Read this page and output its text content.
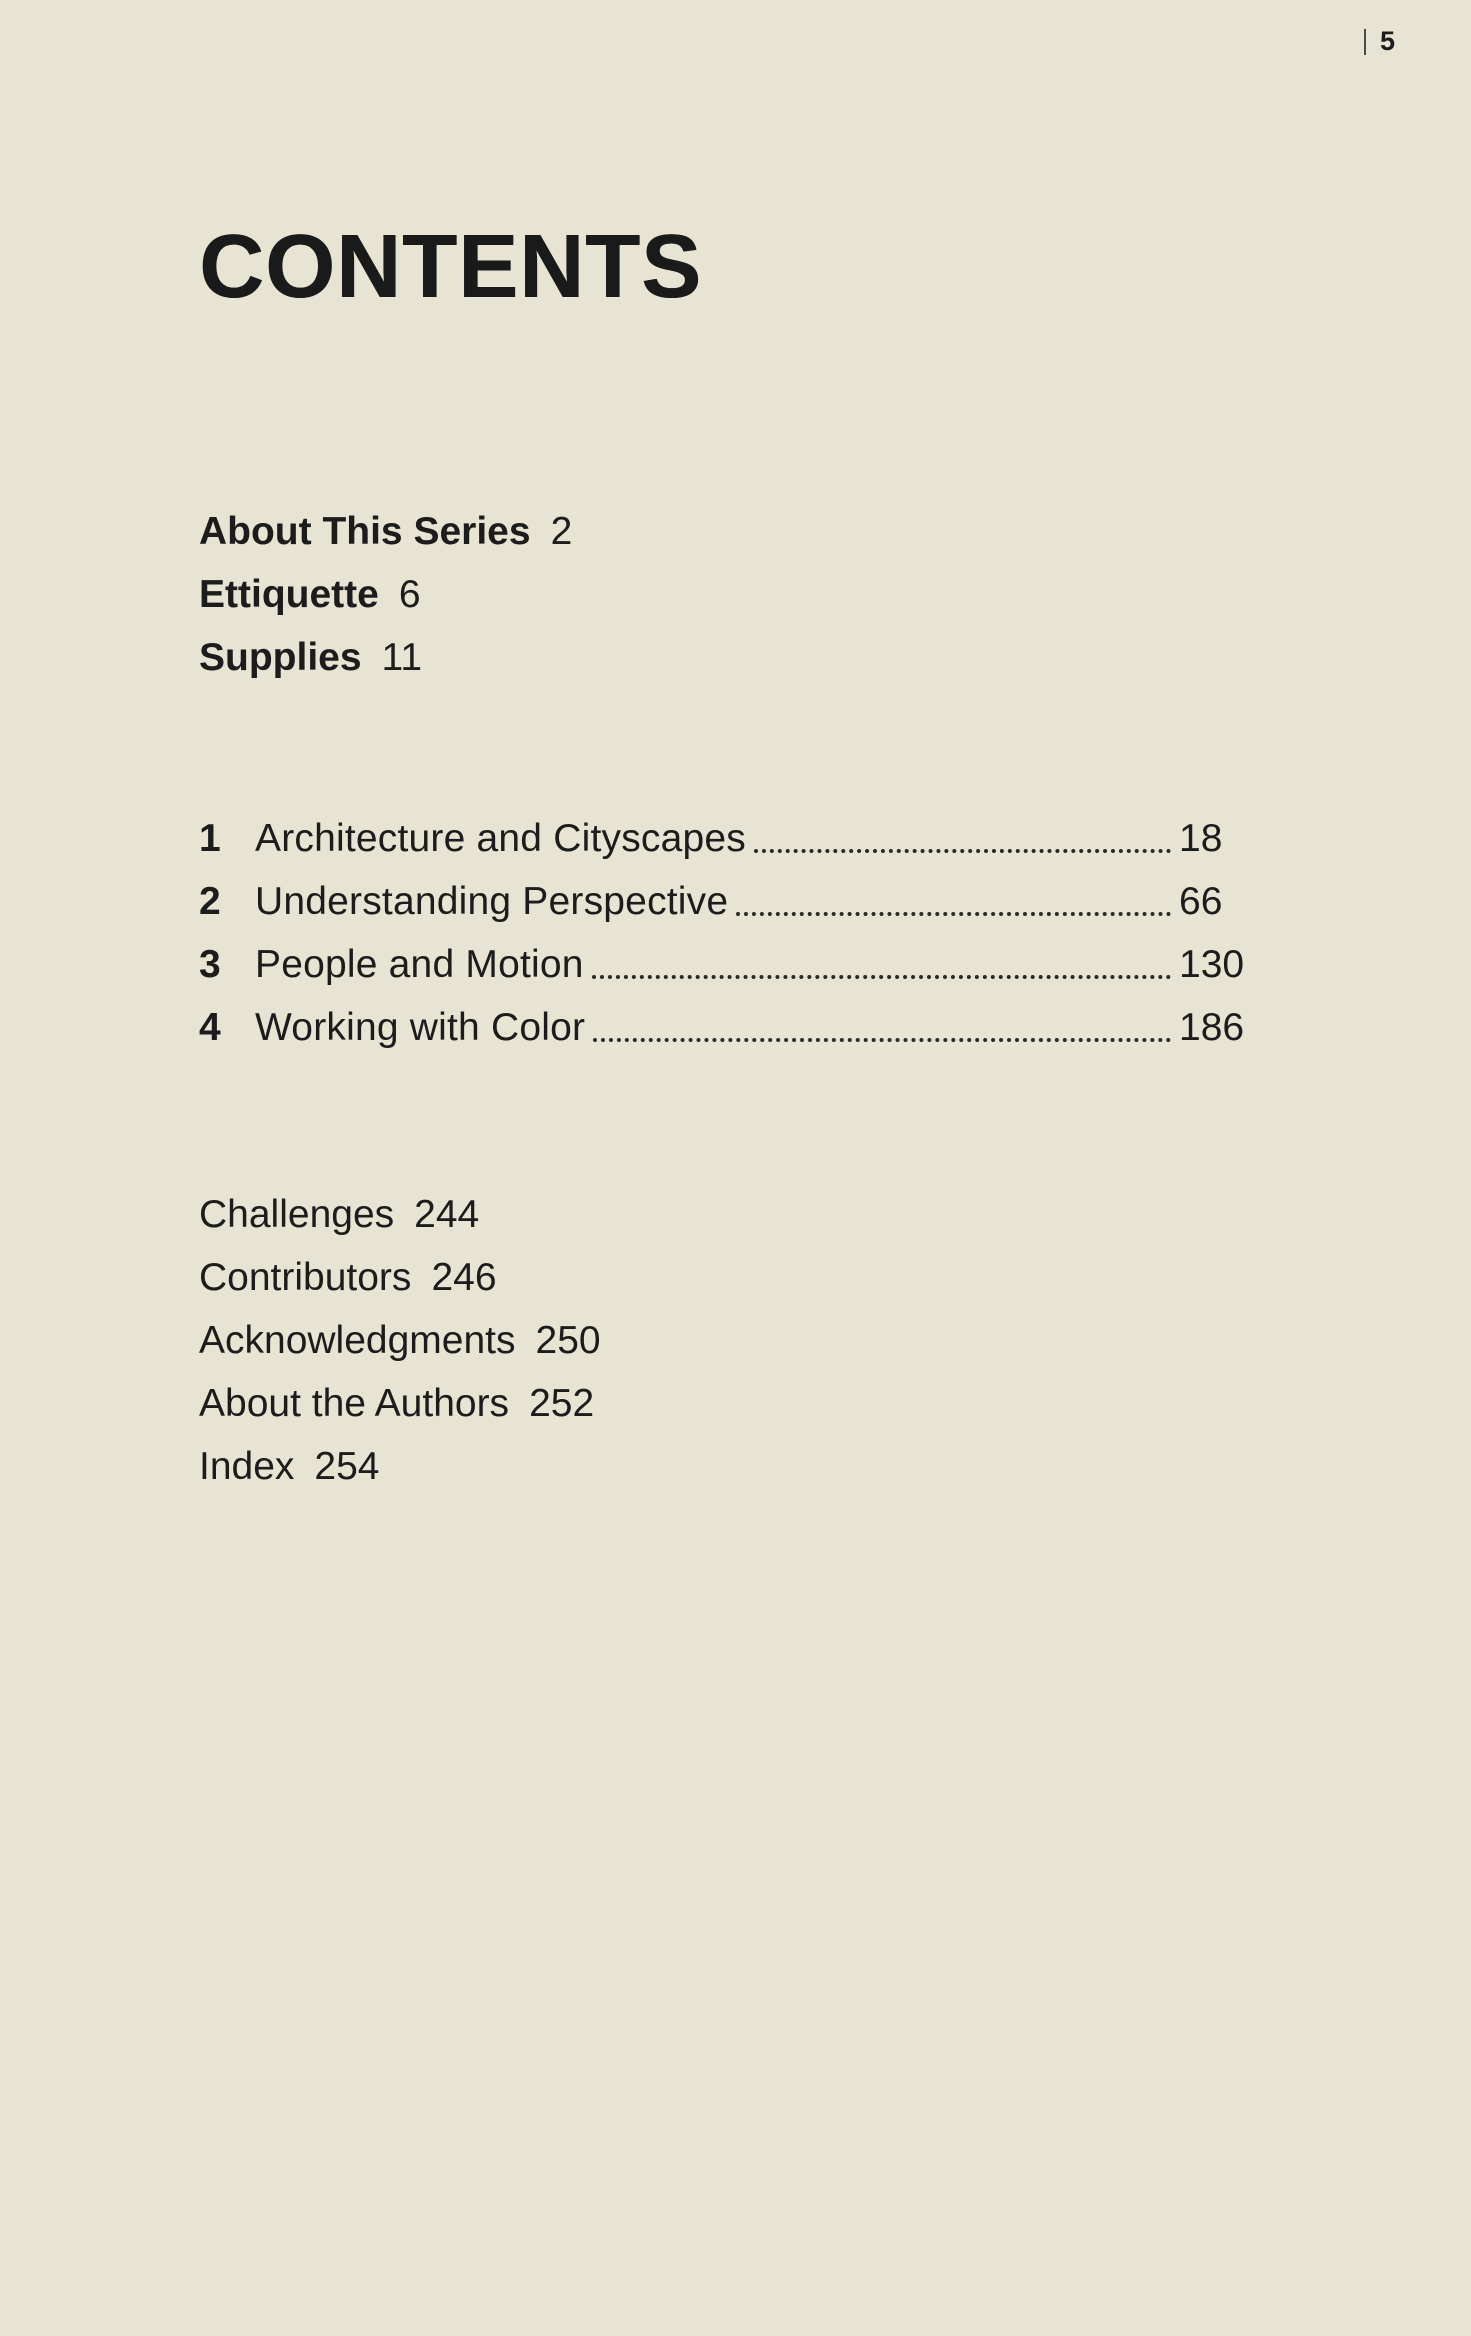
5
CONTENTS
About This Series 2
Ettiquette 6
Supplies 11
1 Architecture and Cityscapes	18
2 Understanding Perspective	66
3 People and Motion	130
4 Working with Color	186
Challenges 244
Contributors 246
Acknowledgments 250
About the Authors 252
Index 254
